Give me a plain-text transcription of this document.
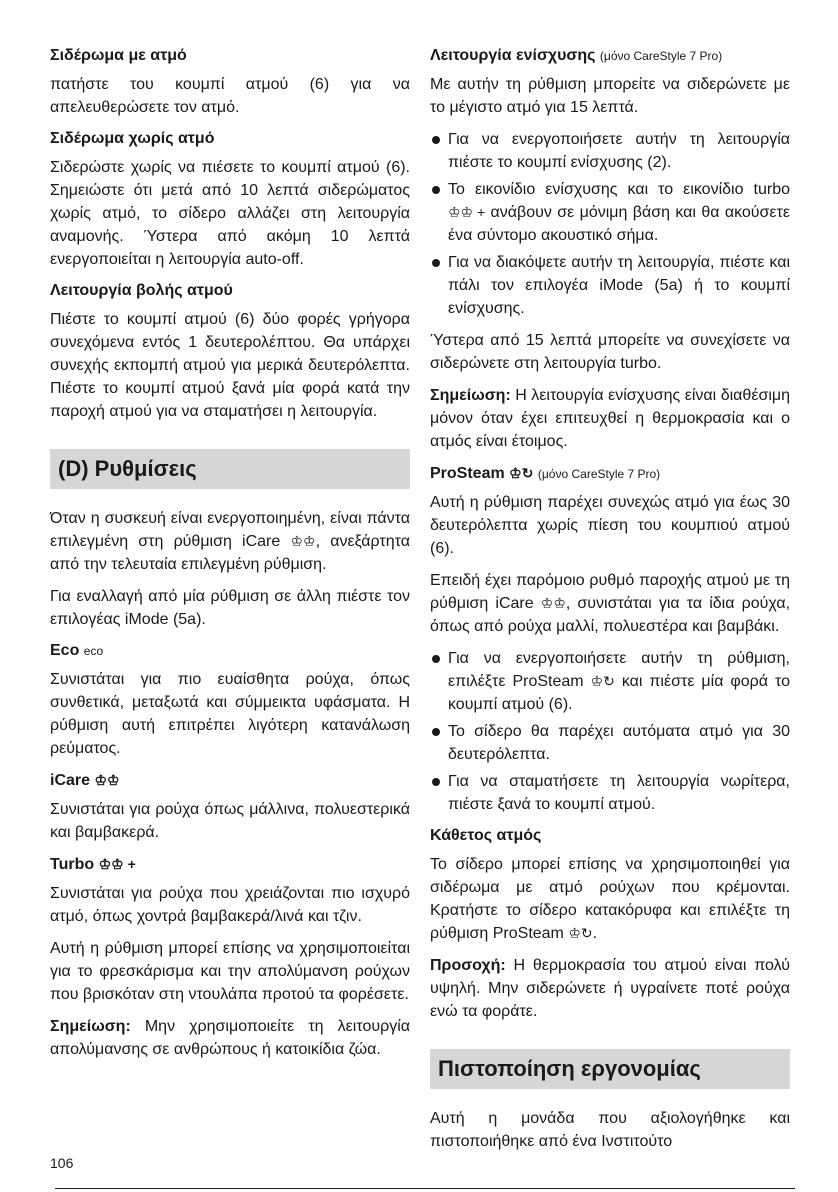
Σιδέρωμα με ατμό
πατήστε του κουμπί ατμού (6) για να απελευθερώσετε τον ατμό.
Σιδέρωμα χωρίς ατμό
Σιδερώστε χωρίς να πιέσετε το κουμπί ατμού (6). Σημειώστε ότι μετά από 10 λεπτά σιδερώματος χωρίς ατμό, το σίδερο αλλάζει στη λειτουργία αναμονής. Ύστερα από ακόμη 10 λεπτά ενεργοποιείται η λειτουργία auto-off.
Λειτουργία βολής ατμού
Πιέστε το κουμπί ατμού (6) δύο φορές γρήγορα συνεχόμενα εντός 1 δευτερολέπτου. Θα υπάρχει συνεχής εκπομπή ατμού για μερικά δευτερόλεπτα. Πιέστε το κουμπί ατμού ξανά μία φορά κατά την παροχή ατμού για να σταματήσει η λειτουργία.
(D) Ρυθμίσεις
Όταν η συσκευή είναι ενεργοποιημένη, είναι πάντα επιλεγμένη στη ρύθμιση iCare ♔♔, ανεξάρτητα από την τελευταία επιλεγμένη ρύθμιση.
Για εναλλαγή από μία ρύθμιση σε άλλη πιέστε τον επιλογέας iMode (5a).
Eco eco
Συνιστάται για πιο ευαίσθητα ρούχα, όπως συνθετικά, μεταξωτά και σύμμεικτα υφάσματα. Η ρύθμιση αυτή επιτρέπει λιγότερη κατανάλωση ρεύματος.
iCare ♔♔
Συνιστάται για ρούχα όπως μάλλινα, πολυεστερικά και βαμβακερά.
Turbo ♔♔ +
Συνιστάται για ρούχα που χρειάζονται πιο ισχυρό ατμό, όπως χοντρά βαμβακερά/λινά και τζιν.
Αυτή η ρύθμιση μπορεί επίσης να χρησιμοποιείται για το φρεσκάρισμα και την απολύμανση ρούχων που βρισκόταν στη ντουλάπα προτού τα φορέσετε.
Σημείωση: Μην χρησιμοποιείτε τη λειτουργία απολύμανσης σε ανθρώπους ή κατοικίδια ζώα.
Λειτουργία ενίσχυσης (μόνο CareStyle 7 Pro)
Με αυτήν τη ρύθμιση μπορείτε να σιδερώνετε με το μέγιστο ατμό για 15 λεπτά.
Για να ενεργοποιήσετε αυτήν τη λειτουργία πιέστε το κουμπί ενίσχυσης (2).
Το εικονίδιο ενίσχυσης και το εικονίδιο turbo ♔♔ + ανάβουν σε μόνιμη βάση και θα ακούσετε ένα σύντομο ακουστικό σήμα.
Για να διακόψετε αυτήν τη λειτουργία, πιέστε και πάλι τον επιλογέα iMode (5a) ή το κουμπί ενίσχυσης.
Ύστερα από 15 λεπτά μπορείτε να συνεχίσετε να σιδερώνετε στη λειτουργία turbo.
Σημείωση: Η λειτουργία ενίσχυσης είναι διαθέσιμη μόνον όταν έχει επιτευχθεί η θερμοκρασία και ο ατμός είναι έτοιμος.
ProSteam ♔↻ (μόνο CareStyle 7 Pro)
Αυτή η ρύθμιση παρέχει συνεχώς ατμό για έως 30 δευτερόλεπτα χωρίς πίεση του κουμπιού ατμού (6).
Επειδή έχει παρόμοιο ρυθμό παροχής ατμού με τη ρύθμιση iCare ♔♔, συνιστάται για τα ίδια ρούχα, όπως από ρούχα μαλλί, πολυεστέρα και βαμβάκι.
Για να ενεργοποιήσετε αυτήν τη ρύθμιση, επιλέξτε ProSteam ♔↻ και πιέστε μία φορά το κουμπί ατμού (6).
Το σίδερο θα παρέχει αυτόματα ατμό για 30 δευτερόλεπτα.
Για να σταματήσετε τη λειτουργία νωρίτερα, πιέστε ξανά το κουμπί ατμού.
Κάθετος ατμός
Το σίδερο μπορεί επίσης να χρησιμοποιηθεί για σιδέρωμα με ατμό ρούχων που κρέμονται. Κρατήστε το σίδερο κατακόρυφα και επιλέξτε τη ρύθμιση ProSteam ♔↻.
Προσοχή: Η θερμοκρασία του ατμού είναι πολύ υψηλή. Μην σιδερώνετε ή υγραίνετε ποτέ ρούχα ενώ τα φοράτε.
Πιστοποίηση εργονομίας
Αυτή η μονάδα που αξιολογήθηκε και πιστοποιήθηκε από ένα Ινστιτούτο
106
